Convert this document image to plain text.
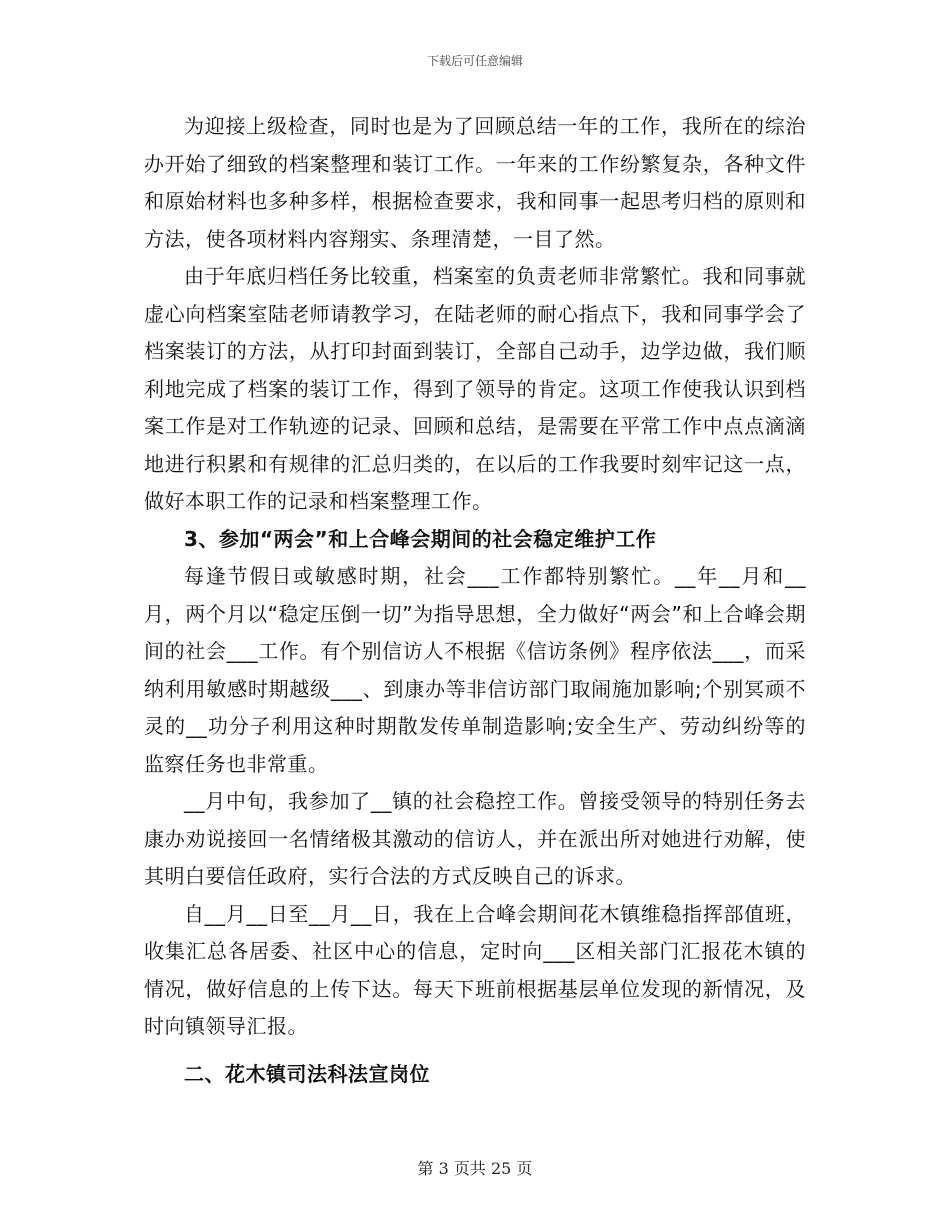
下载后可任意编辑

为迎接上级检查，同时也是为了回顾总结一年的工作，我所在的综治办开始了细致的档案整理和装订工作。一年来的工作纷繁复杂，各种文件和原始材料也多种多样，根据检查要求，我和同事一起思考归档的原则和方法，使各项材料内容翔实、条理清楚，一目了然。

由于年底归档任务比较重，档案室的负责老师非常繁忙。我和同事就虚心向档案室陆老师请教学习，在陆老师的耐心指点下，我和同事学会了档案装订的方法，从打印封面到装订，全部自己动手，边学边做，我们顺利地完成了档案的装订工作，得到了领导的肯定。这项工作使我认识到档案工作是对工作轨迹的记录、回顾和总结，是需要在平常工作中点点滴滴地进行积累和有规律的汇总归类的，在以后的工作我要时刻牢记这一点，做好本职工作的记录和档案整理工作。

3、参加“两会”和上合峰会期间的社会稳定维护工作

每逢节假日或敏感时期，社会___工作都特别繁忙。__年__月和__月，两个月以“稳定压倒一切”为指导思想，全力做好“两会”和上合峰会期间的社会___工作。有个别信访人不根据《信访条例》程序依法___，而采纳利用敏感时期越级___、到康办等非信访部门取闹施加影响;个别冥顽不灵的__功分子利用这种时期散发传单制造影响;安全生产、劳动纠纷等的监察任务也非常重。

__月中旬，我参加了__镇的社会稳控工作。曾接受领导的特别任务去康办劝说接回一名情绪极其激动的信访人，并在派出所对她进行劝解，使其明白要信任政府，实行合法的方式反映自己的诉求。

自__月__日至__月__日，我在上合峰会期间花木镇维稳指挥部值班，收集汇总各居委、社区中心的信息，定时向___区相关部门汇报花木镇的情况，做好信息的上传下达。每天下班前根据基层单位发现的新情况，及时向镇领导汇报。

二、花木镇司法科法宣岗位

第 3 页共 25 页
